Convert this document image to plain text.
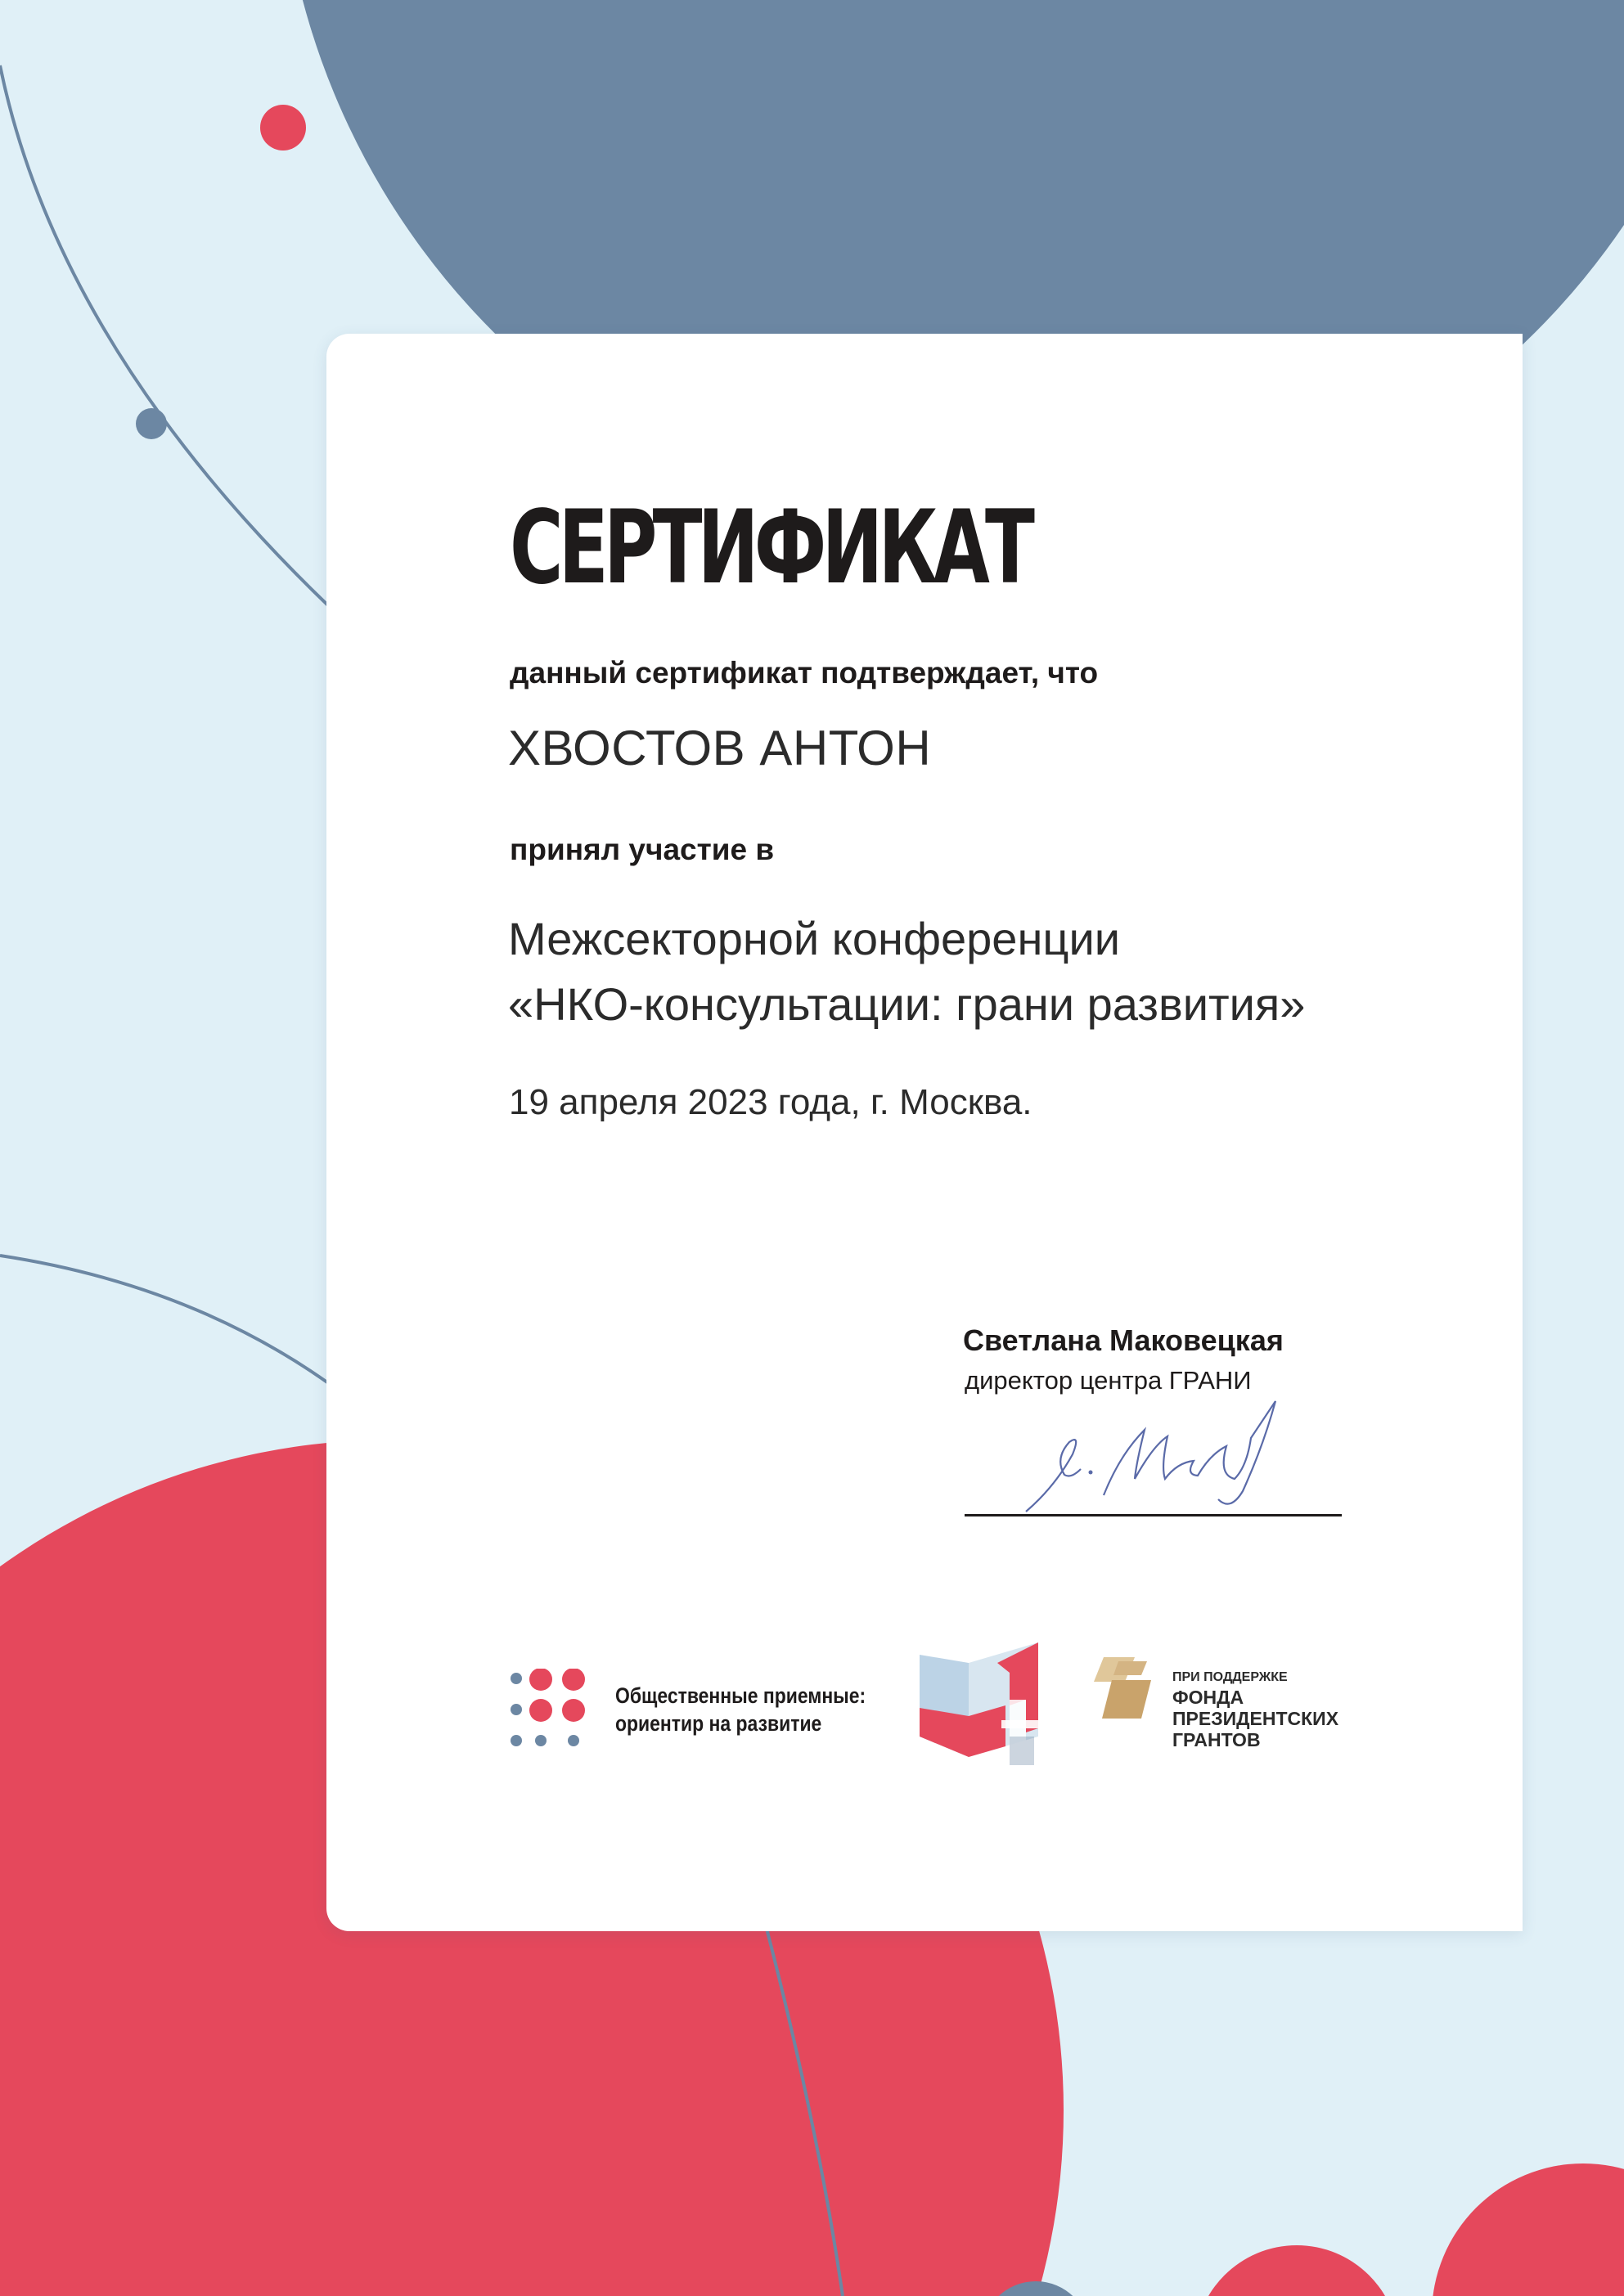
СЕРТИФИКАТ
данный сертификат подтверждает, что
ХВОСТОВ АНТОН
принял участие в
Межсекторной конференции
«НКО-консультации: грани развития»
19 апреля 2023 года, г. Москва.
Светлана Маковецкая
директор центра ГРАНИ
Общественные приемные:
ориентир на развитие
ПРИ ПОДДЕРЖКЕ
ФОНДА
ПРЕЗИДЕНТСКИХ
ГРАНТОВ
